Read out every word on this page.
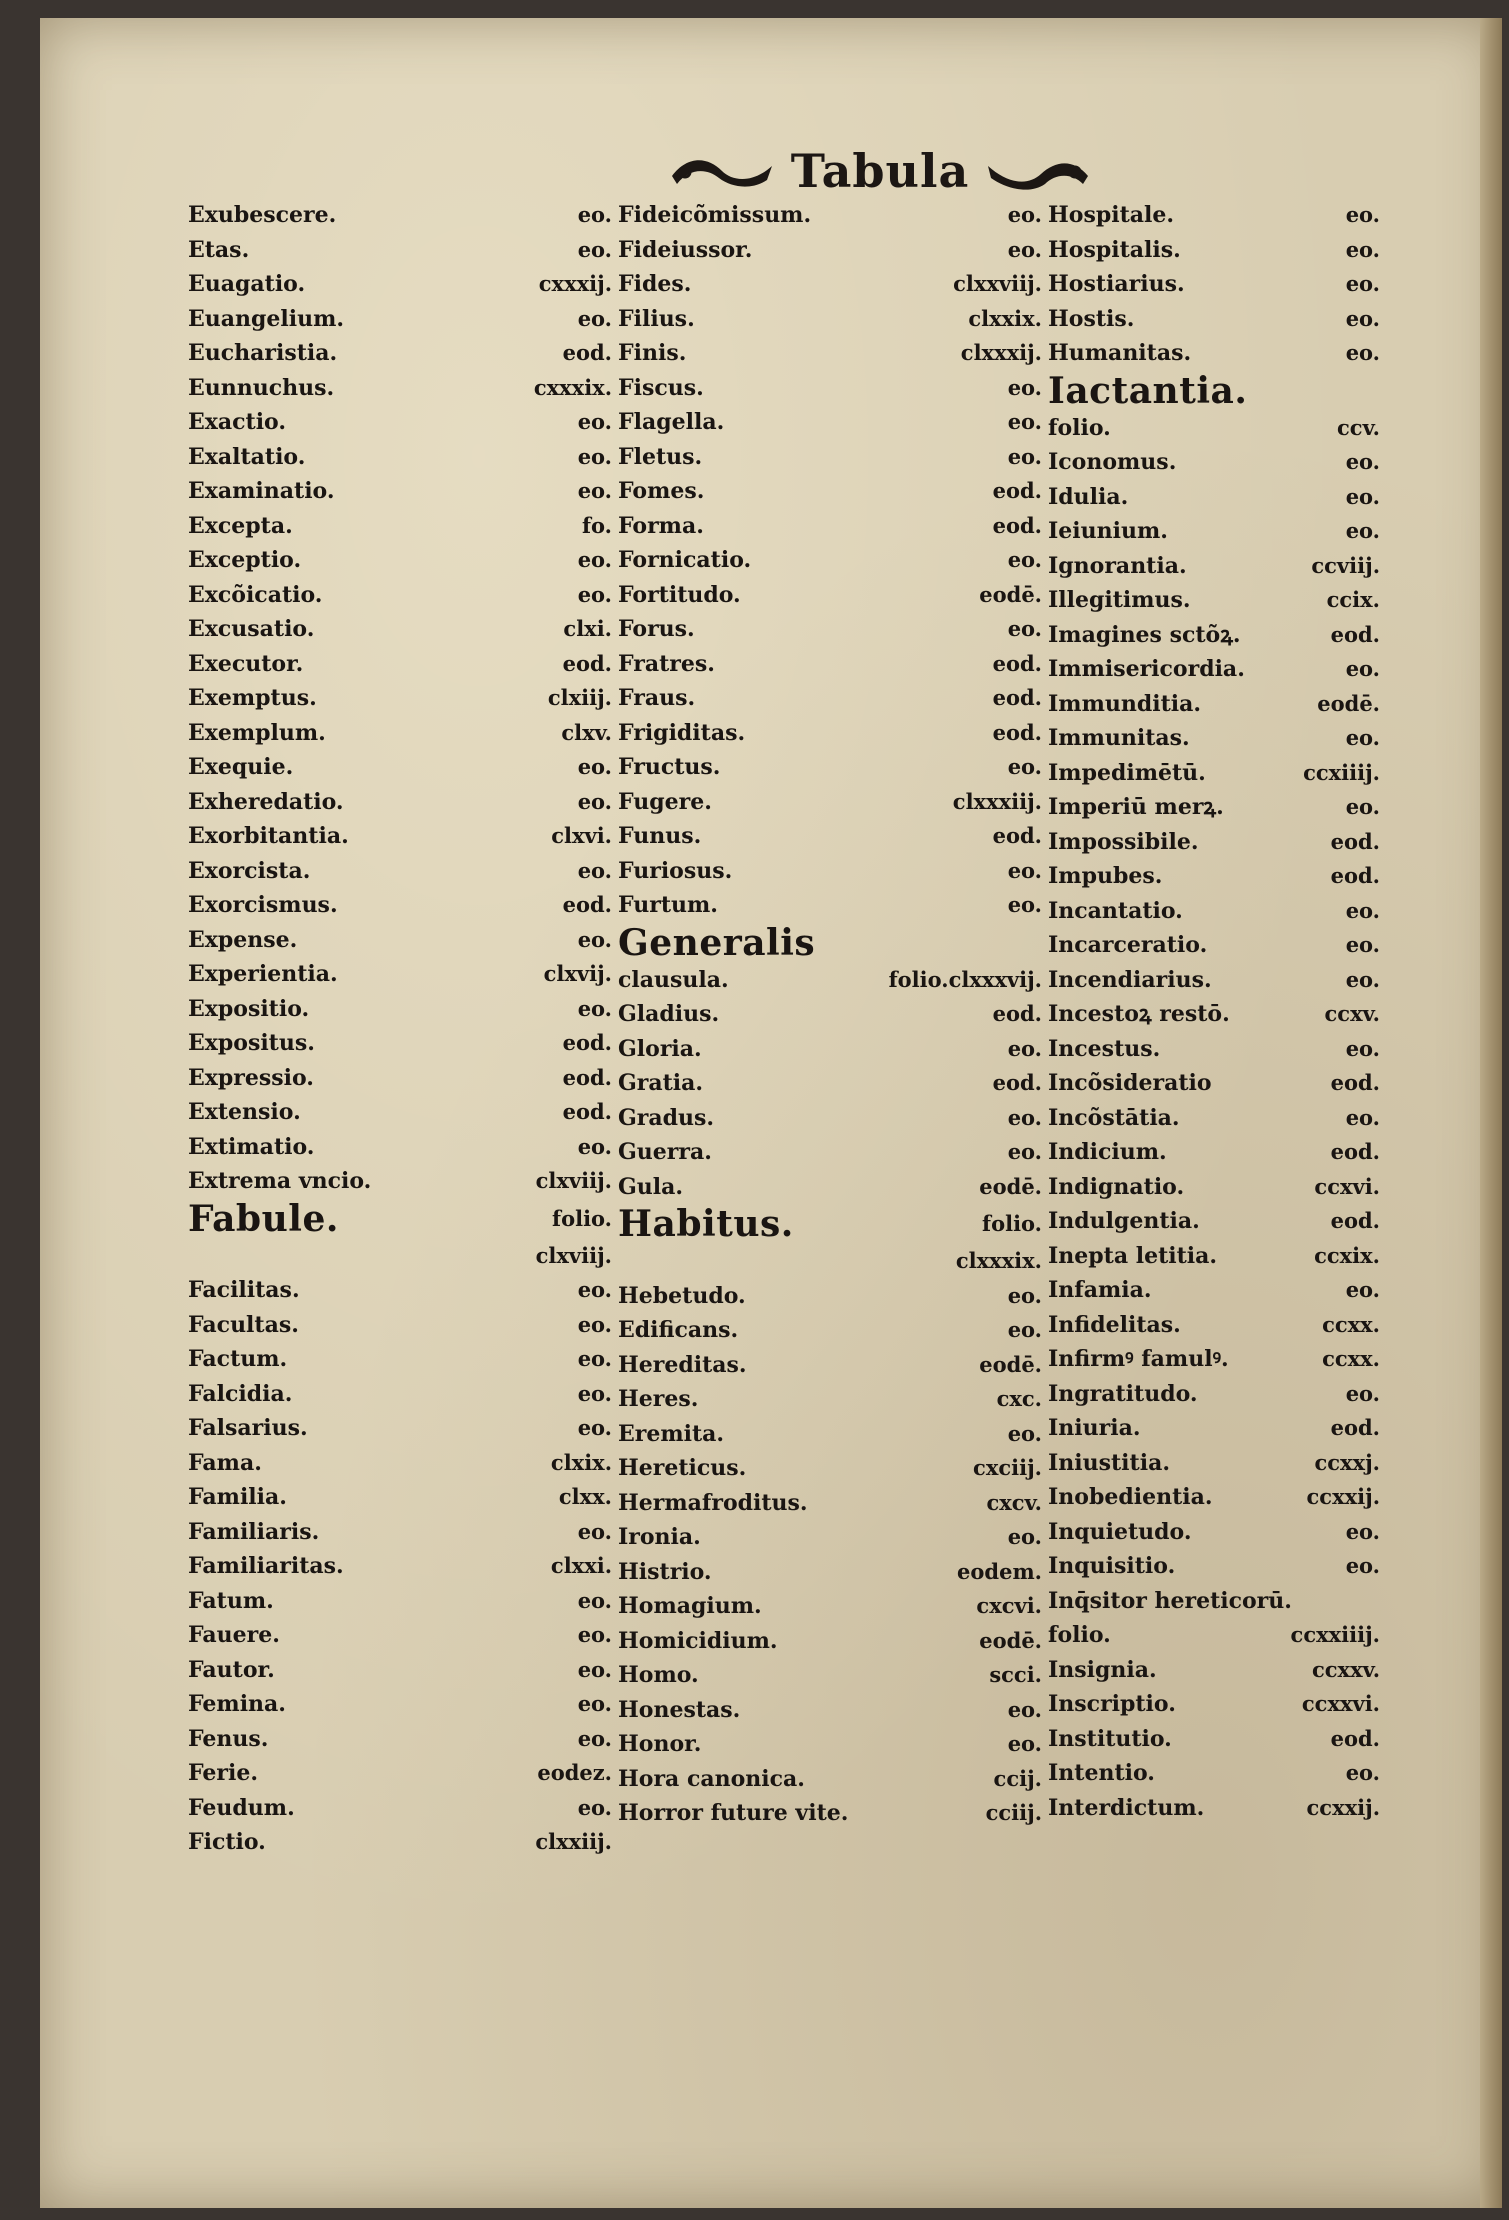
Tabula
Exubescere.	eo.
Etas.	eo.
Euagatio.	cxxxij.
Euangelium.	eo.
Eucharistia.	eod.
Eunnuchus.	cxxxix.
Exactio.	eo.
Exaltatio.	eo.
Examinatio.	eo.
Excepta.	fo.
Exceptio.	eo.
Excõicatio.	eo.
Excusatio.	clxi.
Executor.	eod.
Exemptus.	clxiij.
Exemplum.	clxv.
Exequie.	eo.
Exheredatio.	eo.
Exorbitantia.	clxvi.
Exorcista.	eo.
Exorcismus.	eod.
Expense.	eo.
Experientia.	clxvij.
Expositio.	eo.
Expositus.	eod.
Expressio.	eod.
Extensio.	eod.
Extimatio.	eo.
Extrema vncio.	clxviij.
Fabule.	folio.
clxviij.
Facilitas.	eo.
Facultas.	eo.
Factum.	eo.
Falcidia.	eo.
Falsarius.	eo.
Fama.	clxix.
Familia.	clxx.
Familiaris.	eo.
Familiaritas.	clxxi.
Fatum.	eo.
Fauere.	eo.
Fautor.	eo.
Femina.	eo.
Fenus.	eo.
Ferie.	eodez.
Feudum.	eo.
Fictio.	clxxiij.
Fideicõmissum.	eo.
Fideiussor.	eo.
Fides.	clxxviij.
Filius.	clxxix.
Finis.	clxxxij.
Fiscus.	eo.
Flagella.	eo.
Fletus.	eo.
Fomes.	eod.
Forma.	eod.
Fornicatio.	eo.
Fortitudo.	eodē.
Forus.	eo.
Fratres.	eod.
Fraus.	eod.
Frigiditas.	eod.
Fructus.	eo.
Fugere.	clxxxiij.
Funus.	eod.
Furiosus.	eo.
Furtum.	eo.
Generalis
clausula.	folio.clxxxvij.
Gladius.	eod.
Gloria.	eo.
Gratia.	eod.
Gradus.	eo.
Guerra.	eo.
Gula.	eodē.
Habitus.	folio.
clxxxix.
Hebetudo.	eo.
Edificans.	eo.
Hereditas.	eodē.
Heres.	cxc.
Eremita.	eo.
Hereticus.	cxciij.
Hermafroditus.	cxcv.
Ironia.	eo.
Histrio.	eodem.
Homagium.	cxcvi.
Homicidium.	eodē.
Homo.	scci.
Honestas.	eo.
Honor.	eo.
Hora canonica.	ccij.
Horror future vite.	cciij.
Hospitale.	eo.
Hospitalis.	eo.
Hostiarius.	eo.
Hostis.	eo.
Humanitas.	eo.
Iactantia.
folio.	ccv.
Iconomus.	eo.
Idulia.	eo.
Ieiunium.	eo.
Ignorantia.	ccviij.
Illegitimus.	ccix.
Imagines sctõꝝ.	eod.
Immisericordia.	eo.
Immunditia.	eodē.
Immunitas.	eo.
Impedimētū.	ccxiiij.
Imperiū merꝝ.	eo.
Impossibile.	eod.
Impubes.	eod.
Incantatio.	eo.
Incarceratio.	eo.
Incendiarius.	eo.
Incestoꝝ restō.	ccxv.
Incestus.	eo.
Incõsideratio	eod.
Incõstātia.	eo.
Indicium.	eod.
Indignatio.	ccxvi.
Indulgentia.	eod.
Inepta letitia.	ccxix.
Infamia.	eo.
Infidelitas.	ccxx.
Infirmꝰ famulꝰ.	ccxx.
Ingratitudo.	eo.
Iniuria.	eod.
Iniustitia.	ccxxj.
Inobedientia.	ccxxij.
Inquietudo.	eo.
Inquisitio.	eo.
Inq̄sitor hereticorū.
folio.	ccxxiiij.
Insignia.	ccxxv.
Inscriptio.	ccxxvi.
Institutio.	eod.
Intentio.	eo.
Interdictum.	ccxxij.
